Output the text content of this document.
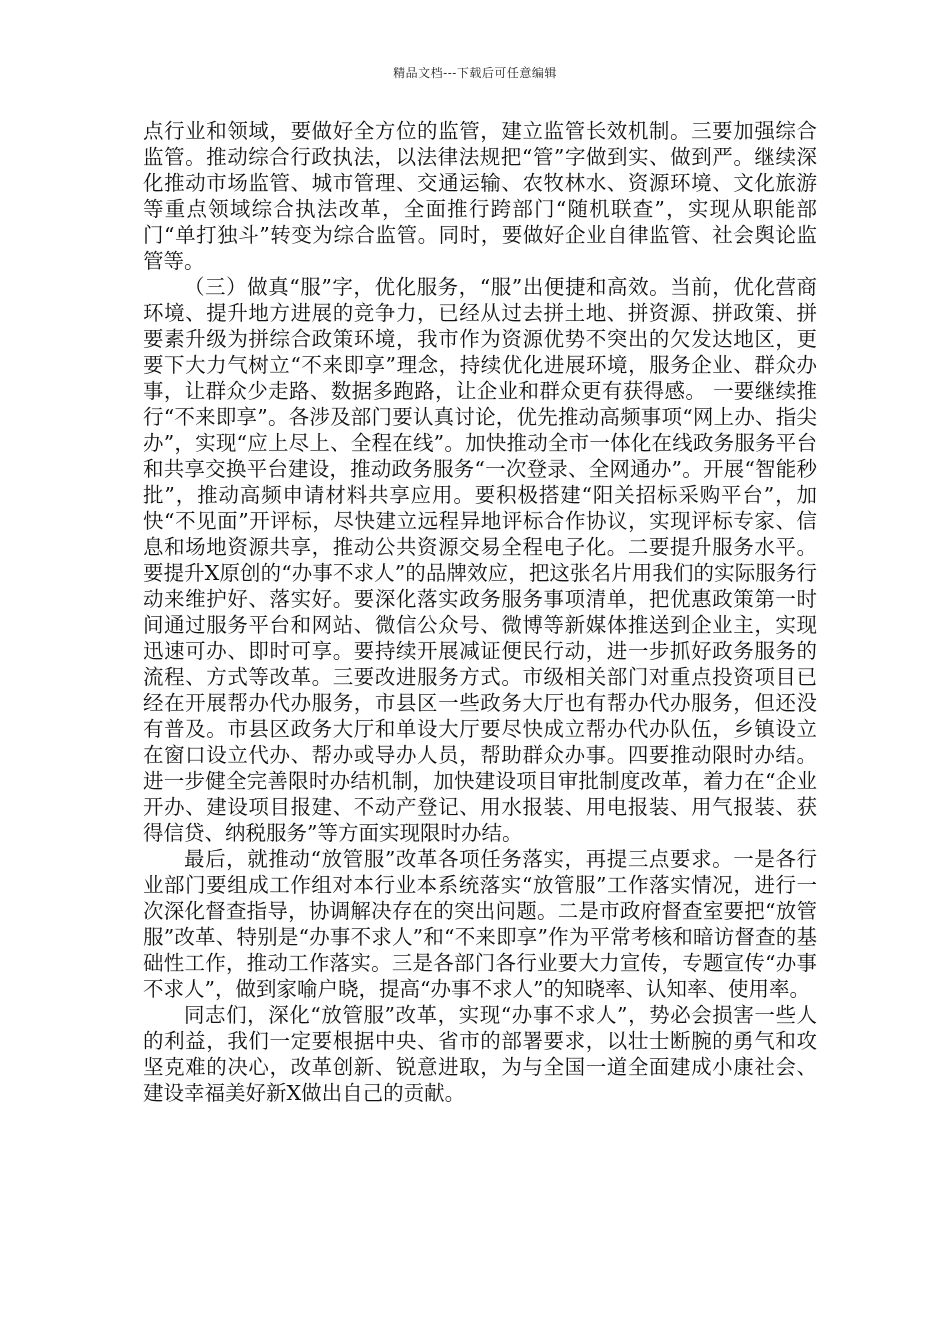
精品文档---下载后可任意编辑

点行业和领域，要做好全方位的监管，建立监管长效机制。三要加强综合监管。推动综合行政执法，以法律法规把“管”字做到实、做到严。继续深化推动市场监管、城市管理、交通运输、农牧林水、资源环境、文化旅游等重点领域综合执法改革，全面推行跨部门“随机联查”，实现从职能部门“单打独斗”转变为综合监管。同时，要做好企业自律监管、社会舆论监管等。

（三）做真“服”字，优化服务，“服”出便捷和高效。当前，优化营商环境、提升地方进展的竞争力，已经从过去拼土地、拼资源、拼政策、拼要素升级为拼综合政策环境，我市作为资源优势不突出的欠发达地区，更要下大力气树立“不来即享”理念，持续优化进展环境，服务企业、群众办事，让群众少走路、数据多跑路，让企业和群众更有获得感。 一要继续推行“不来即享”。各涉及部门要认真讨论，优先推动高频事项“网上办、指尖办”，实现“应上尽上、全程在线”。加快推动全市一体化在线政务服务平台和共享交换平台建设，推动政务服务“一次登录、全网通办”。开展“智能秒批”，推动高频申请材料共享应用。要积极搭建“阳关招标采购平台”，加快“不见面”开评标，尽快建立远程异地评标合作协议，实现评标专家、信息和场地资源共享，推动公共资源交易全程电子化。二要提升服务水平。要提升X原创的“办事不求人”的品牌效应，把这张名片用我们的实际服务行动来维护好、落实好。要深化落实政务服务事项清单，把优惠政策第一时间通过服务平台和网站、微信公众号、微博等新媒体推送到企业主，实现迅速可办、即时可享。要持续开展减证便民行动，进一步抓好政务服务的流程、方式等改革。三要改进服务方式。市级相关部门对重点投资项目已经在开展帮办代办服务，市县区一些政务大厅也有帮办代办服务，但还没有普及。市县区政务大厅和单设大厅要尽快成立帮办代办队伍，乡镇设立在窗口设立代办、帮办或导办人员，帮助群众办事。四要推动限时办结。进一步健全完善限时办结机制，加快建设项目审批制度改革，着力在“企业开办、建设项目报建、不动产登记、用水报装、用电报装、用气报装、获得信贷、纳税服务”等方面实现限时办结。

最后，就推动“放管服”改革各项任务落实，再提三点要求。一是各行业部门要组成工作组对本行业本系统落实“放管服”工作落实情况，进行一次深化督查指导，协调解决存在的突出问题。二是市政府督查室要把“放管服”改革、特别是“办事不求人”和“不来即享”作为平常考核和暗访督查的基础性工作，推动工作落实。三是各部门各行业要大力宣传，专题宣传“办事不求人”，做到家喻户晓，提高“办事不求人”的知晓率、认知率、使用率。

同志们，深化“放管服”改革，实现“办事不求人”，势必会损害一些人的利益，我们一定要根据中央、省市的部署要求，以壮士断腕的勇气和攻坚克难的决心，改革创新、锐意进取，为与全国一道全面建成小康社会、建设幸福美好新X做出自己的贡献。
